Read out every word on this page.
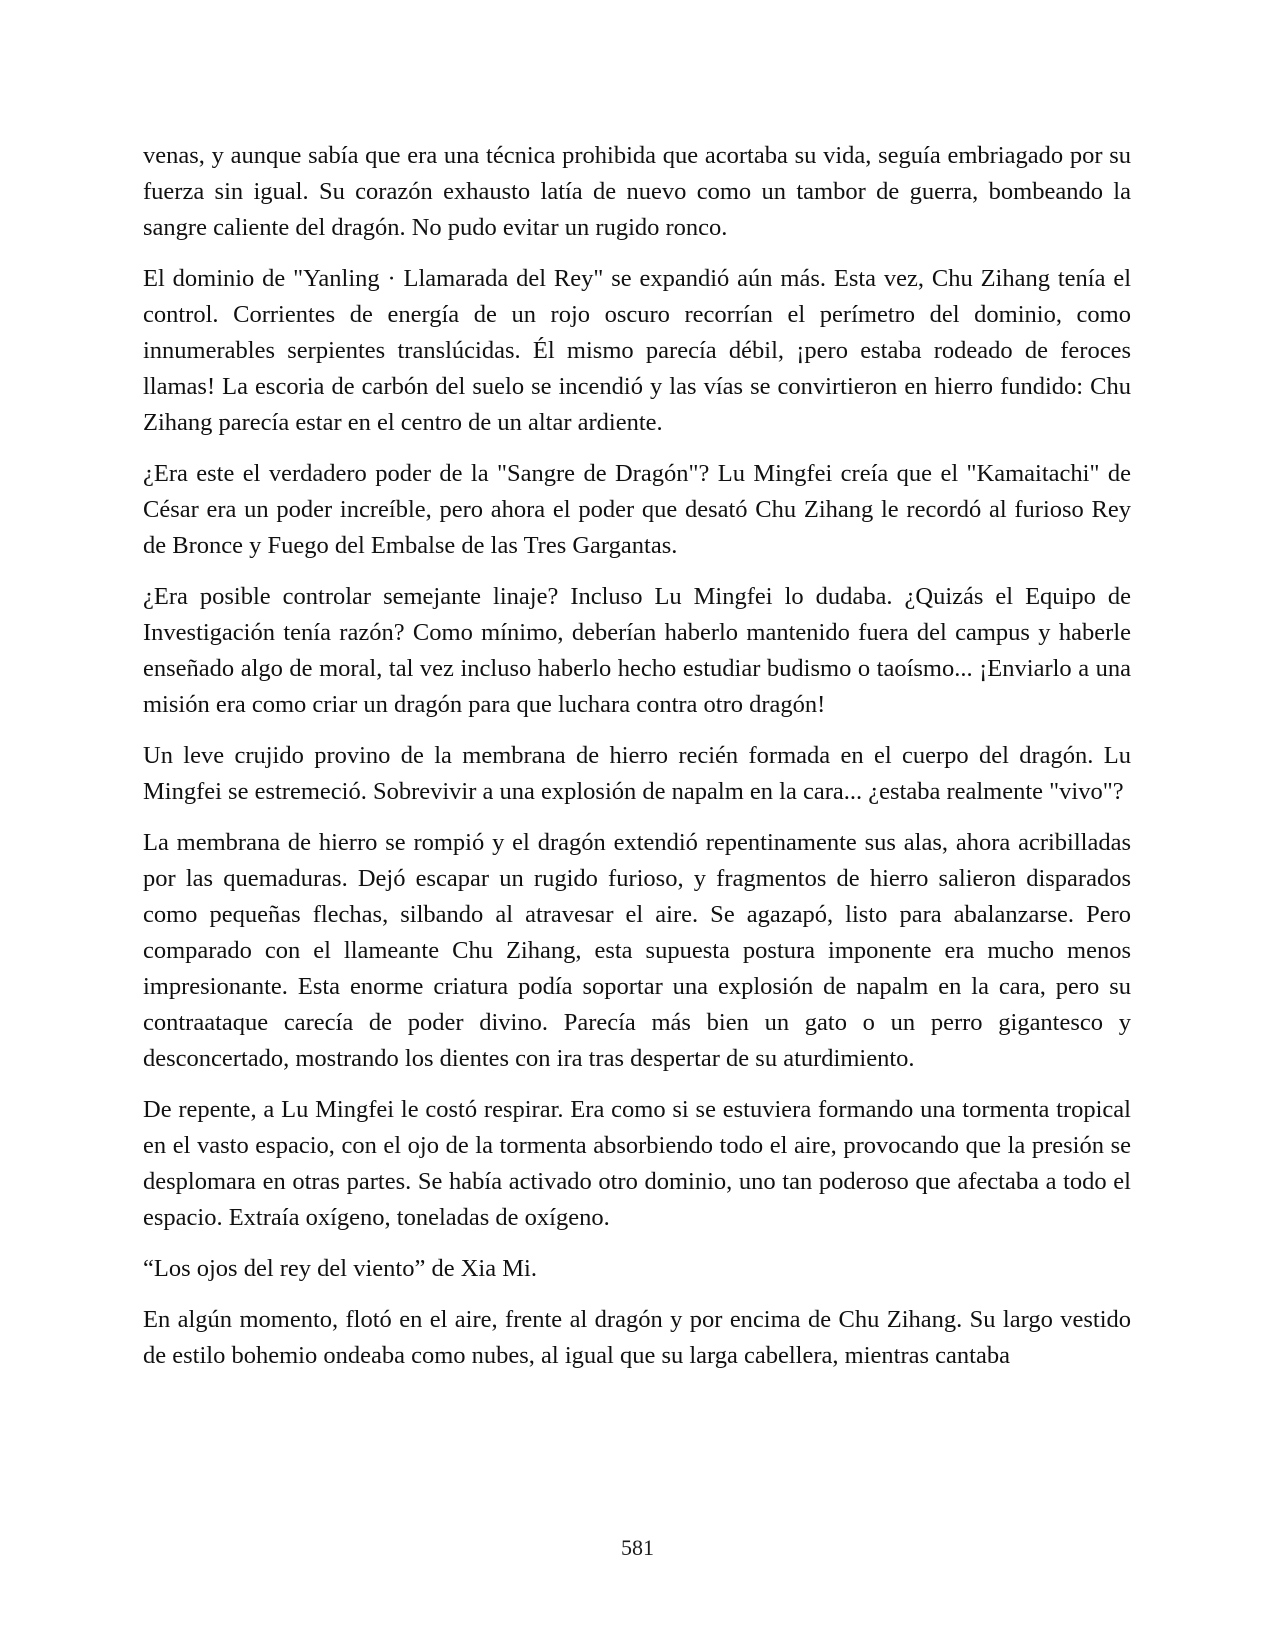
venas, y aunque sabía que era una técnica prohibida que acortaba su vida, seguía embriagado por su fuerza sin igual. Su corazón exhausto latía de nuevo como un tambor de guerra, bombeando la sangre caliente del dragón. No pudo evitar un rugido ronco.

El dominio de "Yanling · Llamarada del Rey" se expandió aún más. Esta vez, Chu Zihang tenía el control. Corrientes de energía de un rojo oscuro recorrían el perímetro del dominio, como innumerables serpientes translúcidas. Él mismo parecía débil, ¡pero estaba rodeado de feroces llamas! La escoria de carbón del suelo se incendió y las vías se convirtieron en hierro fundido: Chu Zihang parecía estar en el centro de un altar ardiente.

¿Era este el verdadero poder de la "Sangre de Dragón"? Lu Mingfei creía que el "Kamaitachi" de César era un poder increíble, pero ahora el poder que desató Chu Zihang le recordó al furioso Rey de Bronce y Fuego del Embalse de las Tres Gargantas.

¿Era posible controlar semejante linaje? Incluso Lu Mingfei lo dudaba. ¿Quizás el Equipo de Investigación tenía razón? Como mínimo, deberían haberlo mantenido fuera del campus y haberle enseñado algo de moral, tal vez incluso haberlo hecho estudiar budismo o taoísmo... ¡Enviarlo a una misión era como criar un dragón para que luchara contra otro dragón!

Un leve crujido provino de la membrana de hierro recién formada en el cuerpo del dragón. Lu Mingfei se estremeció. Sobrevivir a una explosión de napalm en la cara... ¿estaba realmente "vivo"?

La membrana de hierro se rompió y el dragón extendió repentinamente sus alas, ahora acribilladas por las quemaduras. Dejó escapar un rugido furioso, y fragmentos de hierro salieron disparados como pequeñas flechas, silbando al atravesar el aire. Se agazapó, listo para abalanzarse. Pero comparado con el llameante Chu Zihang, esta supuesta postura imponente era mucho menos impresionante. Esta enorme criatura podía soportar una explosión de napalm en la cara, pero su contraataque carecía de poder divino. Parecía más bien un gato o un perro gigantesco y desconcertado, mostrando los dientes con ira tras despertar de su aturdimiento.

De repente, a Lu Mingfei le costó respirar. Era como si se estuviera formando una tormenta tropical en el vasto espacio, con el ojo de la tormenta absorbiendo todo el aire, provocando que la presión se desplomara en otras partes. Se había activado otro dominio, uno tan poderoso que afectaba a todo el espacio. Extraía oxígeno, toneladas de oxígeno.

“Los ojos del rey del viento” de Xia Mi.

En algún momento, flotó en el aire, frente al dragón y por encima de Chu Zihang. Su largo vestido de estilo bohemio ondeaba como nubes, al igual que su larga cabellera, mientras cantaba

581
